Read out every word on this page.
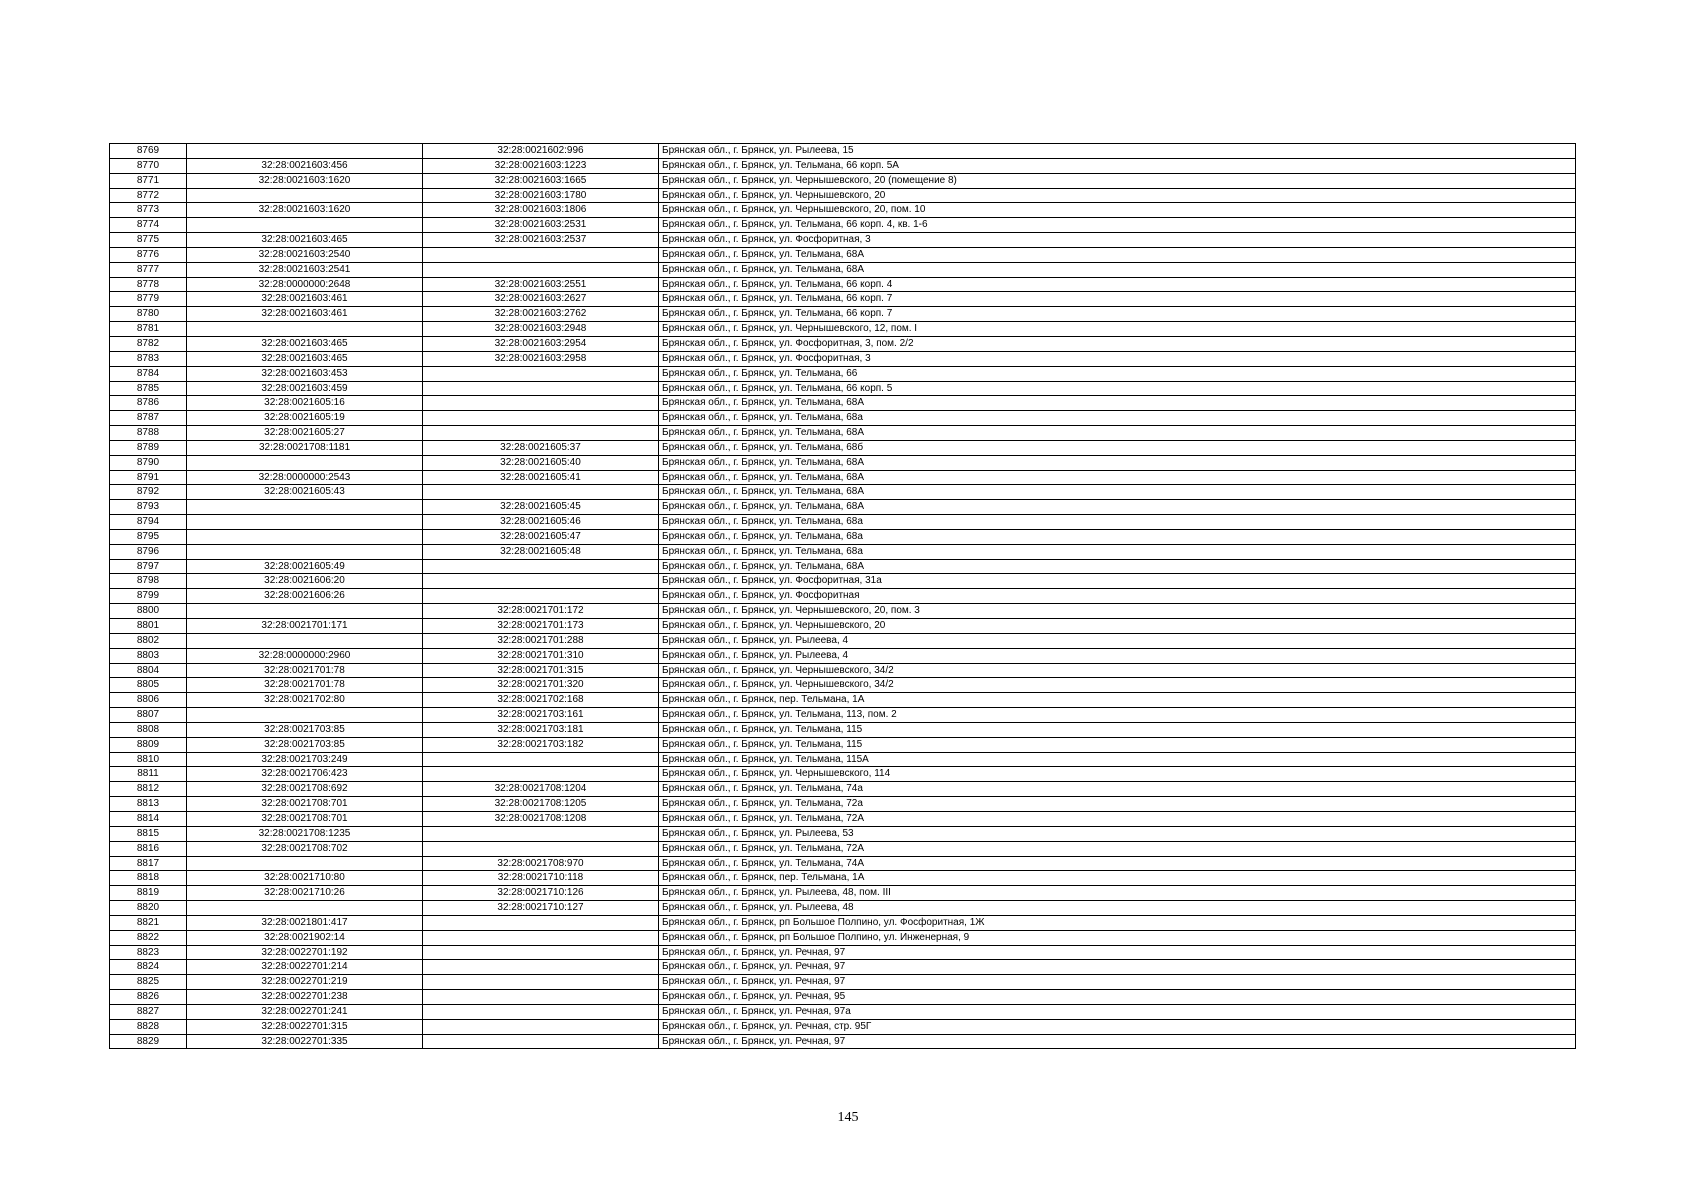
8769		32:28:0021602:996	Брянская обл., г. Брянск, ул. Рылеева, 15
8770	32:28:0021603:456	32:28:0021603:1223	Брянская обл., г. Брянск, ул. Тельмана, 66 корп. 5А
8771	32:28:0021603:1620	32:28:0021603:1665	Брянская обл., г. Брянск, ул. Чернышевского, 20 (помещение 8)
8772		32:28:0021603:1780	Брянская обл., г. Брянск, ул. Чернышевского, 20
8773	32:28:0021603:1620	32:28:0021603:1806	Брянская обл., г. Брянск, ул. Чернышевского, 20, пом. 10
8774		32:28:0021603:2531	Брянская обл., г. Брянск, ул. Тельмана, 66 корп. 4, кв. 1-6
8775	32:28:0021603:465	32:28:0021603:2537	Брянская обл., г. Брянск, ул. Фосфоритная, 3
8776	32:28:0021603:2540		Брянская обл., г. Брянск, ул. Тельмана, 68А
8777	32:28:0021603:2541		Брянская обл., г. Брянск, ул. Тельмана, 68А
8778	32:28:0000000:2648	32:28:0021603:2551	Брянская обл., г. Брянск, ул. Тельмана, 66 корп. 4
8779	32:28:0021603:461	32:28:0021603:2627	Брянская обл., г. Брянск, ул. Тельмана, 66 корп. 7
8780	32:28:0021603:461	32:28:0021603:2762	Брянская обл., г. Брянск, ул. Тельмана, 66 корп. 7
8781		32:28:0021603:2948	Брянская обл., г. Брянск, ул. Чернышевского, 12, пом. I
8782	32:28:0021603:465	32:28:0021603:2954	Брянская обл., г. Брянск, ул. Фосфоритная, 3, пом. 2/2
8783	32:28:0021603:465	32:28:0021603:2958	Брянская обл., г. Брянск, ул. Фосфоритная, 3
8784	32:28:0021603:453		Брянская обл., г. Брянск, ул. Тельмана, 66
8785	32:28:0021603:459		Брянская обл., г. Брянск, ул. Тельмана, 66 корп. 5
8786	32:28:0021605:16		Брянская обл., г. Брянск, ул. Тельмана, 68А
8787	32:28:0021605:19		Брянская обл., г. Брянск, ул. Тельмана, 68а
8788	32:28:0021605:27		Брянская обл., г. Брянск, ул. Тельмана, 68А
8789	32:28:0021708:1181	32:28:0021605:37	Брянская обл., г. Брянск, ул. Тельмана, 68б
8790		32:28:0021605:40	Брянская обл., г. Брянск, ул. Тельмана, 68А
8791	32:28:0000000:2543	32:28:0021605:41	Брянская обл., г. Брянск, ул. Тельмана, 68А
8792	32:28:0021605:43		Брянская обл., г. Брянск, ул. Тельмана, 68А
8793		32:28:0021605:45	Брянская обл., г. Брянск, ул. Тельмана, 68А
8794		32:28:0021605:46	Брянская обл., г. Брянск, ул. Тельмана, 68а
8795		32:28:0021605:47	Брянская обл., г. Брянск, ул. Тельмана, 68а
8796		32:28:0021605:48	Брянская обл., г. Брянск, ул. Тельмана, 68а
8797	32:28:0021605:49		Брянская обл., г. Брянск, ул. Тельмана, 68А
8798	32:28:0021606:20		Брянская обл., г. Брянск, ул. Фосфоритная, 31а
8799	32:28:0021606:26		Брянская обл., г. Брянск, ул. Фосфоритная
8800		32:28:0021701:172	Брянская обл., г. Брянск, ул. Чернышевского, 20, пом. 3
8801	32:28:0021701:171	32:28:0021701:173	Брянская обл., г. Брянск, ул. Чернышевского, 20
8802		32:28:0021701:288	Брянская обл., г. Брянск, ул. Рылеева, 4
8803	32:28:0000000:2960	32:28:0021701:310	Брянская обл., г. Брянск, ул. Рылеева, 4
8804	32:28:0021701:78	32:28:0021701:315	Брянская обл., г. Брянск, ул. Чернышевского, 34/2
8805	32:28:0021701:78	32:28:0021701:320	Брянская обл., г. Брянск, ул. Чернышевского, 34/2
8806	32:28:0021702:80	32:28:0021702:168	Брянская обл., г. Брянск, пер. Тельмана, 1А
8807		32:28:0021703:161	Брянская обл., г. Брянск, ул. Тельмана, 113, пом. 2
8808	32:28:0021703:85	32:28:0021703:181	Брянская обл., г. Брянск, ул. Тельмана, 115
8809	32:28:0021703:85	32:28:0021703:182	Брянская обл., г. Брянск, ул. Тельмана, 115
8810	32:28:0021703:249		Брянская обл., г. Брянск, ул. Тельмана, 115А
8811	32:28:0021706:423		Брянская обл., г. Брянск, ул. Чернышевского, 114
8812	32:28:0021708:692	32:28:0021708:1204	Брянская обл., г. Брянск, ул. Тельмана, 74а
8813	32:28:0021708:701	32:28:0021708:1205	Брянская обл., г. Брянск, ул. Тельмана, 72а
8814	32:28:0021708:701	32:28:0021708:1208	Брянская обл., г. Брянск, ул. Тельмана, 72А
8815	32:28:0021708:1235		Брянская обл., г. Брянск, ул. Рылеева, 53
8816	32:28:0021708:702		Брянская обл., г. Брянск, ул. Тельмана, 72А
8817		32:28:0021708:970	Брянская обл., г. Брянск, ул. Тельмана, 74А
8818	32:28:0021710:80	32:28:0021710:118	Брянская обл., г. Брянск, пер. Тельмана, 1А
8819	32:28:0021710:26	32:28:0021710:126	Брянская обл., г. Брянск, ул. Рылеева, 48, пом. III
8820		32:28:0021710:127	Брянская обл., г. Брянск, ул. Рылеева, 48
8821	32:28:0021801:417		Брянская обл., г. Брянск, рп Большое Полпино, ул. Фосфоритная, 1Ж
8822	32:28:0021902:14		Брянская обл., г. Брянск, рп Большое Полпино, ул. Инженерная, 9
8823	32:28:0022701:192		Брянская обл., г. Брянск, ул. Речная, 97
8824	32:28:0022701:214		Брянская обл., г. Брянск, ул. Речная, 97
8825	32:28:0022701:219		Брянская обл., г. Брянск, ул. Речная, 97
8826	32:28:0022701:238		Брянская обл., г. Брянск, ул. Речная, 95
8827	32:28:0022701:241		Брянская обл., г. Брянск, ул. Речная, 97а
8828	32:28:0022701:315		Брянская обл., г. Брянск, ул. Речная, стр. 95Г
8829	32:28:0022701:335		Брянская обл., г. Брянск, ул. Речная, 97
145
